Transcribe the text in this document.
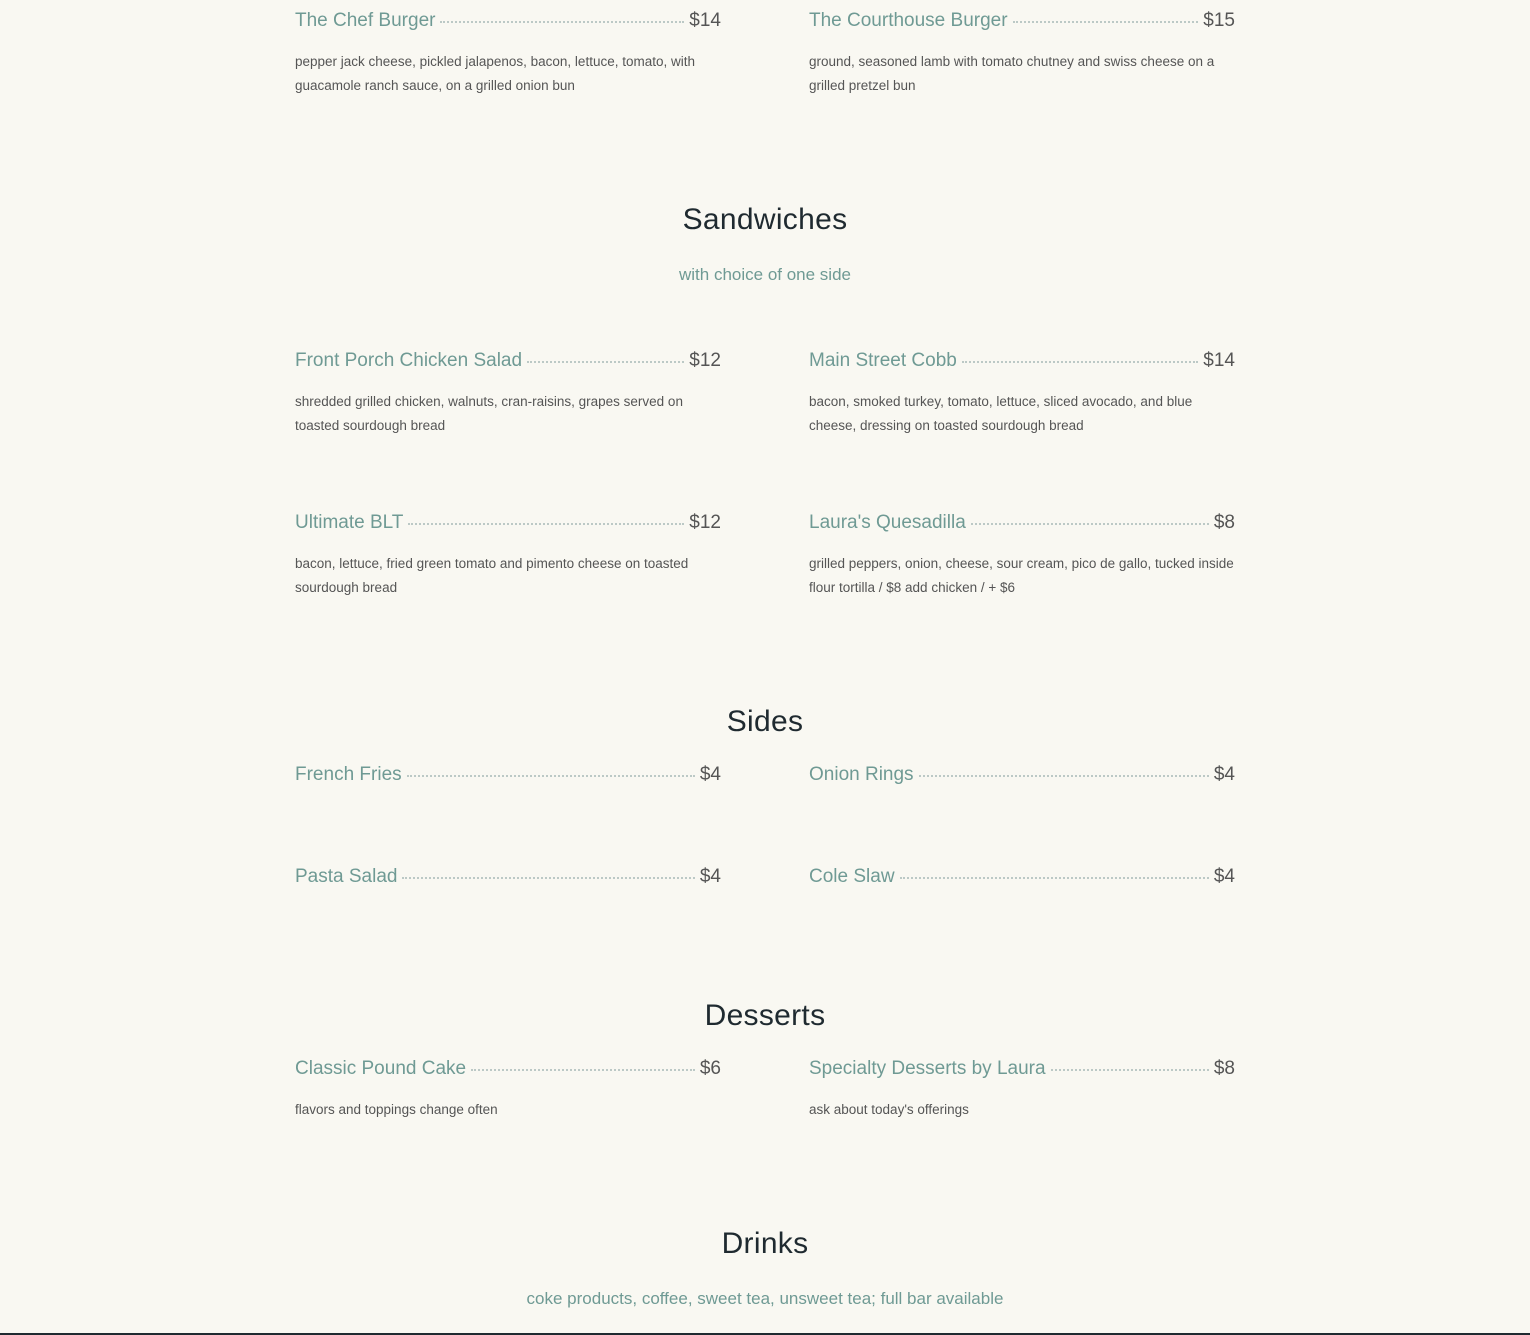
The Chef Burger	$14
pepper jack cheese, pickled jalapenos, bacon, lettuce, tomato, with guacamole ranch sauce, on a grilled onion bun
The Courthouse Burger	$15
ground, seasoned lamb with tomato chutney and swiss cheese on a grilled pretzel bun
Sandwiches
with choice of one side
Front Porch Chicken Salad	$12
shredded grilled chicken, walnuts, cran-raisins, grapes served on toasted sourdough bread
Main Street Cobb	$14
bacon, smoked turkey, tomato, lettuce, sliced avocado, and blue cheese, dressing on toasted sourdough bread
Ultimate BLT	$12
bacon, lettuce, fried green tomato and pimento cheese on toasted sourdough bread
Laura's Quesadilla	$8
grilled peppers, onion, cheese, sour cream, pico de gallo, tucked inside flour tortilla / $8 add chicken / + $6
Sides
French Fries	$4	Onion Rings	$4
Pasta Salad	$4	Cole Slaw	$4
Desserts
Classic Pound Cake	$6
flavors and toppings change often
Specialty Desserts by Laura	$8
ask about today's offerings
Drinks
coke products, coffee, sweet tea, unsweet tea; full bar available
